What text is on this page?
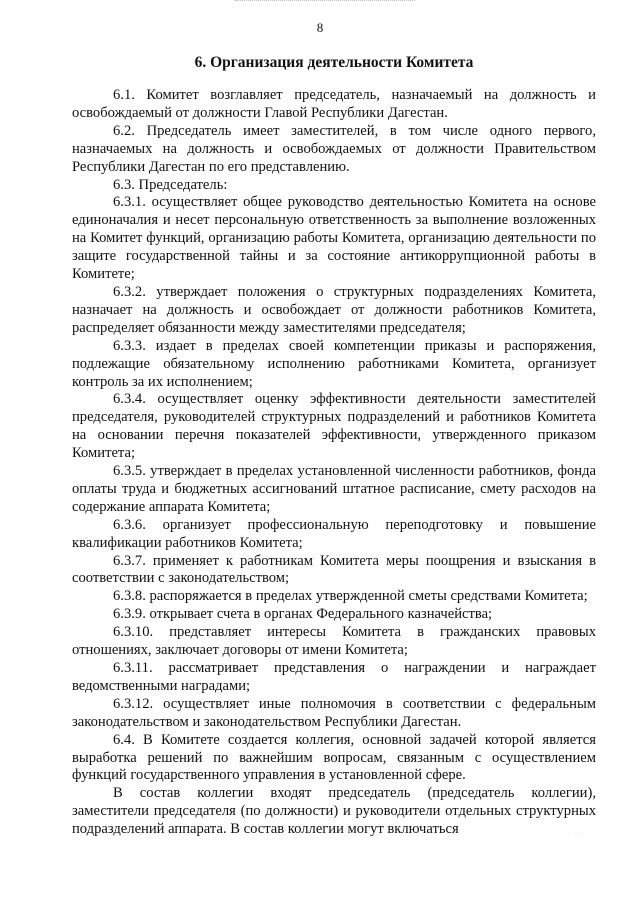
8
6. Организация деятельности Комитета

6.1. Комитет возглавляет председатель, назначаемый на должность и освобождаемый от должности Главой Республики Дагестан.

6.2. Председатель имеет заместителей, в том числе одного первого, назначаемых на должность и освобождаемых от должности Правительством Республики Дагестан по его представлению.

6.3. Председатель:

6.3.1. осуществляет общее руководство деятельностью Комитета на основе единоначалия и несет персональную ответственность за выполнение возложенных на Комитет функций, организацию работы Комитета, организацию деятельности по защите государственной тайны и за состояние антикоррупционной работы в Комитете;

6.3.2. утверждает положения о структурных подразделениях Комитета, назначает на должность и освобождает от должности работников Комитета, распределяет обязанности между заместителями председателя;

6.3.3. издает в пределах своей компетенции приказы и распоряжения, подлежащие обязательному исполнению работниками Комитета, организует контроль за их исполнением;

6.3.4. осуществляет оценку эффективности деятельности заместителей председателя, руководителей структурных подразделений и работников Комитета на основании перечня показателей эффективности, утвержденного приказом Комитета;

6.3.5. утверждает в пределах установленной численности работников, фонда оплаты труда и бюджетных ассигнований штатное расписание, смету расходов на содержание аппарата Комитета;

6.3.6. организует профессиональную переподготовку и повышение квалификации работников Комитета;

6.3.7. применяет к работникам Комитета меры поощрения и взыскания в соответствии с законодательством;

6.3.8. распоряжается в пределах утвержденной сметы средствами Комитета;

6.3.9. открывает счета в органах Федерального казначейства;

6.3.10. представляет интересы Комитета в гражданских правовых отношениях, заключает договоры от имени Комитета;

6.3.11. рассматривает представления о награждении и награждает ведомственными наградами;

6.3.12. осуществляет иные полномочия в соответствии с федеральным законодательством и законодательством Республики Дагестан.

6.4. В Комитете создается коллегия, основной задачей которой является выработка решений по важнейшим вопросам, связанным с осуществлением функций государственного управления в установленной сфере.

В состав коллегии входят председатель (председатель коллегии), заместители председателя (по должности) и руководители отдельных структурных подразделений аппарата. В состав коллегии могут включаться	· ·
